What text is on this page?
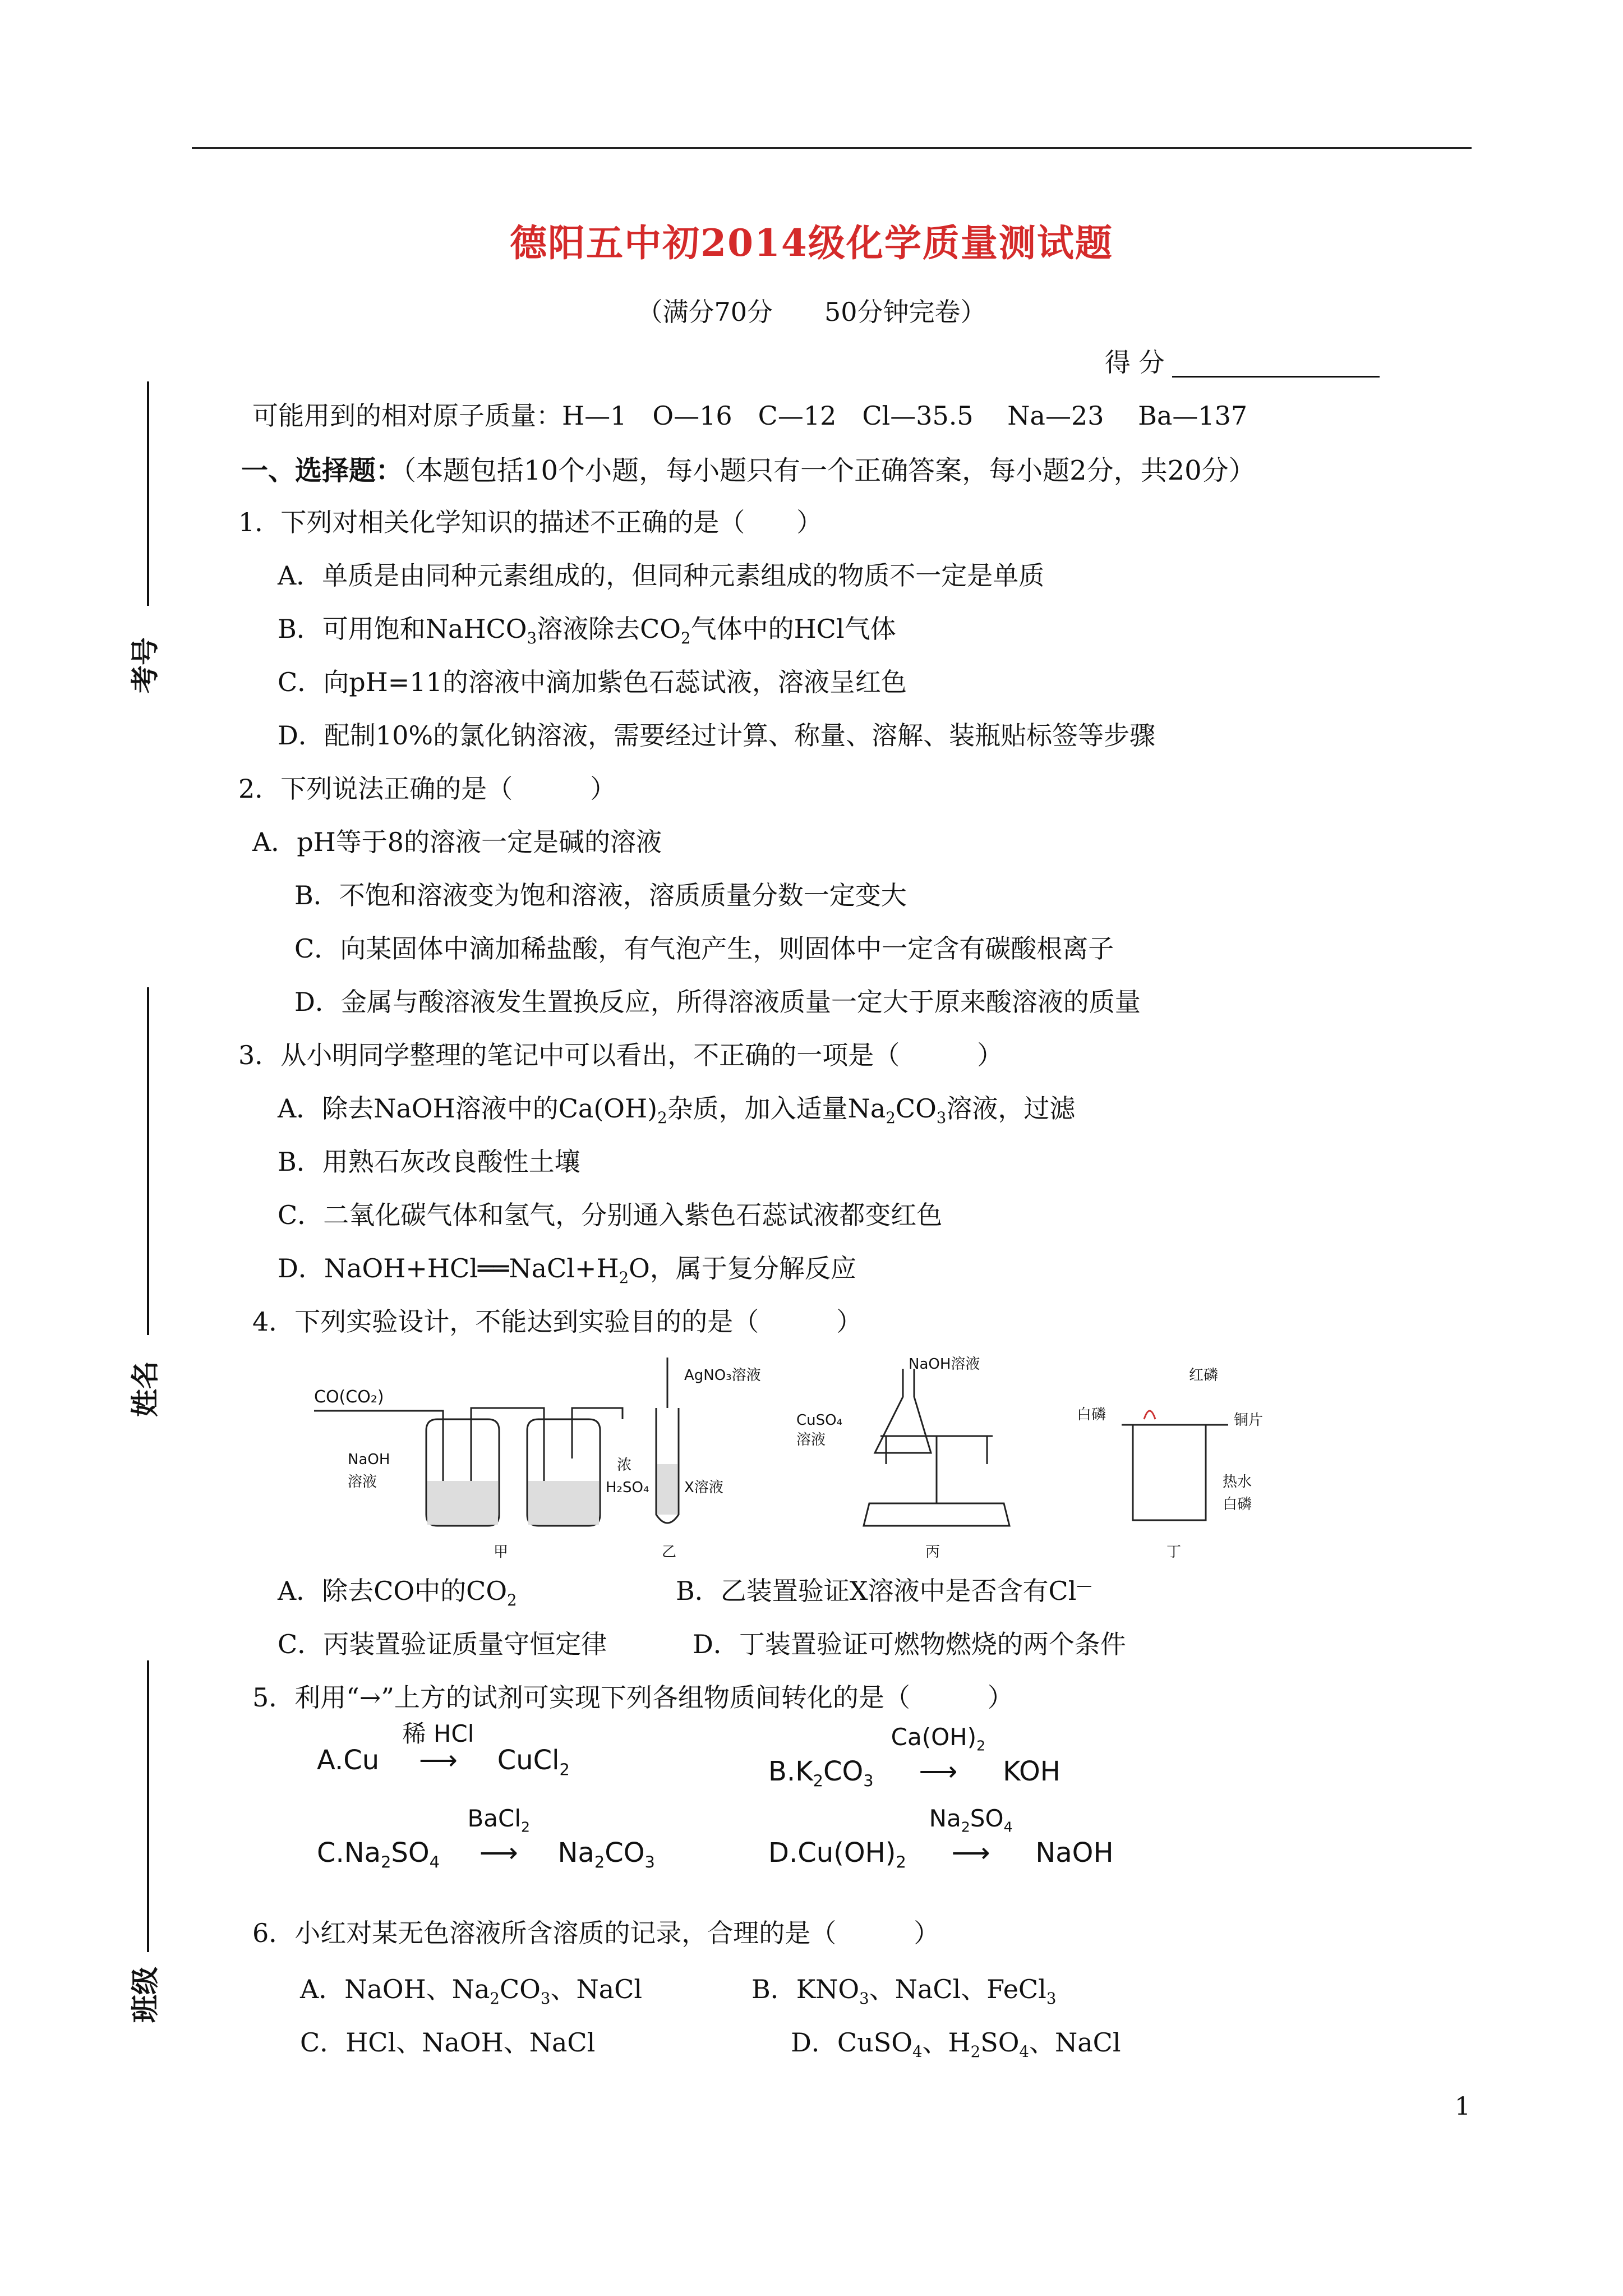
德阳五中初2014级化学质量测试题
（满分70分　　50分钟完卷）
得 分
考号
姓名
班级
可能用到的相对原子质量：H—1　O—16　C—12　Cl—35.5　 Na—23　 Ba—137
一、选择题：（本题包括10个小题，每小题只有一个正确答案，每小题2分，共20分）
1．下列对相关化学知识的描述不正确的是（　　）
A．单质是由同种元素组成的，但同种元素组成的物质不一定是单质
B．可用饱和NaHCO$_3$溶液除去$CO_2$气体中的HCl气体
C．向pH=11的溶液中滴加紫色石蕊试液，溶液呈红色
D．配制10%的氯化钠溶液，需要经过计算、称量、溶解、装瓶贴标签等步骤
2．下列说法正确的是（　　　）
A．pH等于8的溶液一定是碱的溶液
B．不饱和溶液变为饱和溶液，溶质质量分数一定变大
C．向某固体中滴加稀盐酸，有气泡产生，则固体中一定含有碳酸根离子
D．金属与酸溶液发生置换反应，所得溶液质量一定大于原来酸溶液的质量
3．从小明同学整理的笔记中可以看出，不正确的一项是（　　　）
A．除去NaOH溶液中的$Ca(OH)_2$杂质，加入适量$Na_2CO_3$溶液，过滤
B．用熟石灰改良酸性土壤
C．二氧化碳气体和氢气，分别通入紫色石蕊试液都变红色
D．$NaOH+HCl══NaCl+H_2O$，属于复分解反应
4．下列实验设计，不能达到实验目的的是（　　　）
CO(CO₂)
NaOH
溶液
浓
H₂SO₄
甲
AgNO₃溶液
X溶液
乙
NaOH溶液
CuSO₄
溶液
丙
红磷
白磷	铜片
热水
白磷
丁
A．除去CO中的$CO_2$	B．乙装置验证X溶液中是否含有Cl—
C．丙装置验证质量守恒定律	D．丁装置验证可燃物燃烧的两个条件
5．利用“→”上方的试剂可实现下列各组物质间转化的是（　　　）
A.Cu
稀 HCl
⟶ CuCl$_2$	$B.K_2CO_3$
$Ca(OH)_2$
⟶ KOH
$C.Na_2SO_4$
BaCl$_2$
⟶ $Na_2CO_3$	$D.Cu(OH)_2$
$Na_2SO_4$
⟶ NaOH
6．小红对某无色溶液所含溶质的记录，合理的是（　　　）
A．NaOH、$Na_2CO_3$、NaCl	B．$KNO_3$、NaCl、FeCl$_3$
C．HCl、NaOH、NaCl	D．CuSO$_4$、$H_2SO_4$、NaCl
1
